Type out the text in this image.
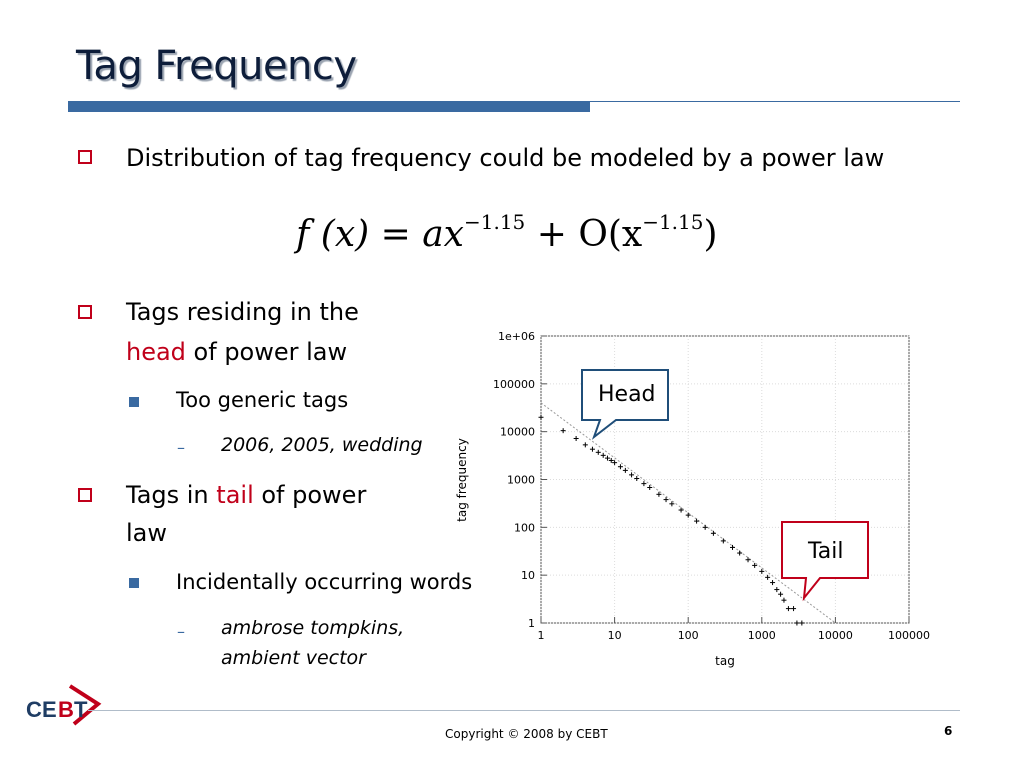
Tag Frequency
Distribution of tag frequency could be modeled by a power law
f $(x) = ax^{-1.15} + O(x^{-1.15})$
Tags residing in the
head of power law
Too generic tags
– 2006, 2005, wedding
Tags in tail of power
law
Incidentally occurring words
– ambrose tompkins,
ambient vector
1
10
100
1000
10000
100000
1e+06
1	10	100	1000	10000	100000
tag frequency
tag
Head
Tail
C E B T
Copyright © 2008 by CEBT	6
